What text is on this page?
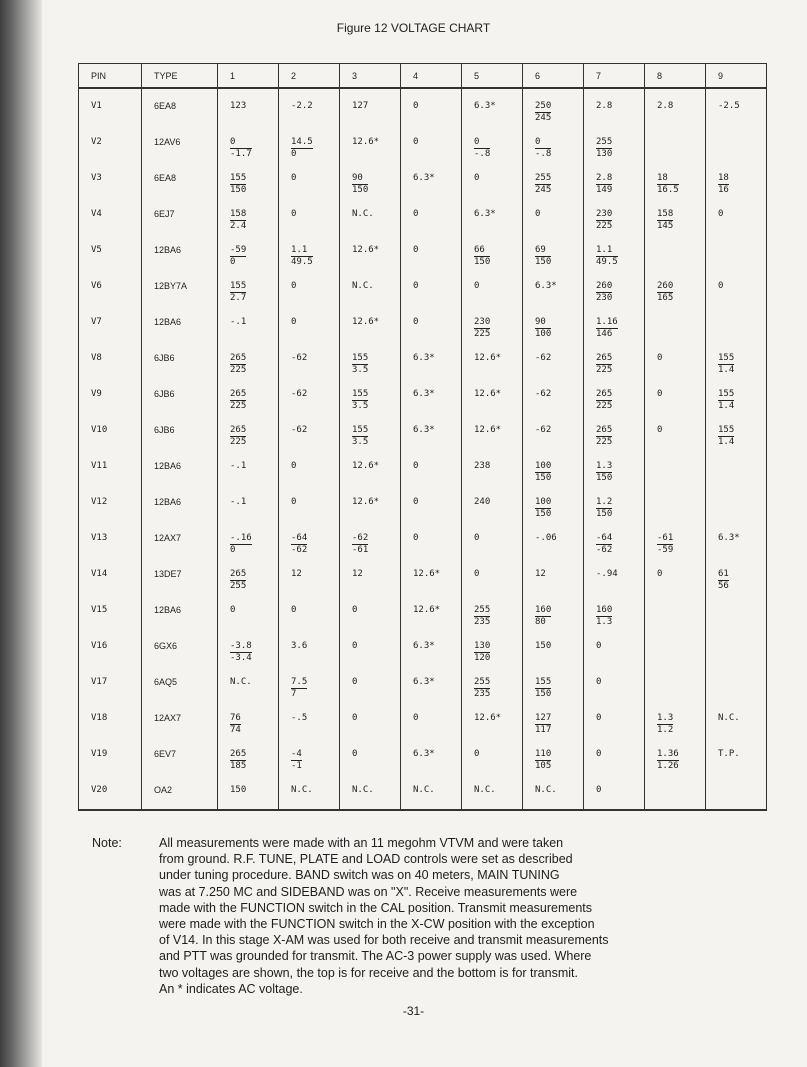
Figure 12 VOLTAGE CHART
PIN	TYPE	1	2	3	4	5	6	7	8	9
V1	6EA8	123	-2.2	127	0	6.3*	$\frac{250}{245}$	2.8	2.8	-2.5
V2	12AV6	$\frac{0}{-1.7}$	$\frac{14.5}{0}$	12.6*	0	$\frac{0}{-.8}$	$\frac{0}{-.8}$	$\frac{255}{130}$

V3	6EA8	$\frac{155}{150}$	0	$\frac{90}{150}$	6.3*	0	$\frac{255}{245}$	$\frac{2.8}{149}$	$\frac{18}{16.5}$	$\frac{18}{16}$

V4	6EJ7	$\frac{158}{2.4}$	0	N.C.	0	6.3*	0	$\frac{230}{225}$	$\frac{158}{145}$	0
V5	12BA6	$\frac{-59}{0}$	$\frac{1.1}{49.5}$	12.6*	0	$\frac{66}{150}$	$\frac{69}{150}$	$\frac{1.1}{49.5}$

V6	12BY7A	$\frac{155}{2.7}$	0	N.C.	0	0	6.3*	$\frac{260}{230}$	$\frac{260}{165}$	0
V7	12BA6	-.1	0	12.6*	0	$\frac{230}{225}$	$\frac{90}{100}$	$\frac{1.16}{146}$

V8	6JB6	$\frac{265}{225}$	-62	$\frac{155}{3.5}$	6.3*	12.6*	-62	$\frac{265}{225}$	0	$\frac{155}{1.4}$

V9	6JB6	$\frac{265}{225}$	-62	$\frac{155}{3.5}$	6.3*	12.6*	-62	$\frac{265}{225}$	0	$\frac{155}{1.4}$

V10	6JB6	$\frac{265}{225}$	-62	$\frac{155}{3.5}$	6.3*	12.6*	-62	$\frac{265}{225}$	0	$\frac{155}{1.4}$

V11	12BA6	-.1	0	12.6*	0	238	$\frac{100}{150}$	$\frac{1.3}{150}$

V12	12BA6	-.1	0	12.6*	0	240	$\frac{100}{150}$	$\frac{1.2}{150}$

V13	12AX7	$\frac{-.16}{0}$	$\frac{-64}{-62}$	$\frac{-62}{-61}$	0	0	-.06	$\frac{-64}{-62}$	$\frac{-61}{-59}$	6.3*
V14	13DE7	$\frac{265}{255}$	12	12	12.6*	0	12	-.94	0	$\frac{61}{56}$

V15	12BA6	0	0	0	12.6*	$\frac{255}{235}$	$\frac{160}{80}$	$\frac{160}{1.3}$

V16	6GX6	$\frac{-3.8}{-3.4}$	3.6	0	6.3*	$\frac{130}{120}$	150	0		
V17	6AQ5	N.C.	$\frac{7.5}{7}$	0	6.3*	$\frac{255}{235}$	$\frac{155}{150}$	0		
V18	12AX7	$\frac{76}{74}$	-.5	0	0	12.6*	$\frac{127}{117}$	0	$\frac{1.3}{1.2}$	N.C.
V19	6EV7	$\frac{265}{185}$	$\frac{-4}{-1}$	0	6.3*	0	$\frac{110}{105}$	0	$\frac{1.36}{1.26}$	T.P.
V20	OA2	150	N.C.	N.C.	N.C.	N.C.	N.C.	0		
Note:	All measurements were made with an 11 megohm VTVM and were taken
from ground. R.F. TUNE, PLATE and LOAD controls were set as described
under tuning procedure. BAND switch was on 40 meters, MAIN TUNING
was at 7.250 MC and SIDEBAND was on "X". Receive measurements were
made with the FUNCTION switch in the CAL position. Transmit measurements
were made with the FUNCTION switch in the X-CW position with the exception
of V14. In this stage X-AM was used for both receive and transmit measurements
and PTT was grounded for transmit. The AC-3 power supply was used. Where
two voltages are shown, the top is for receive and the bottom is for transmit.
An * indicates AC voltage.
-31-
